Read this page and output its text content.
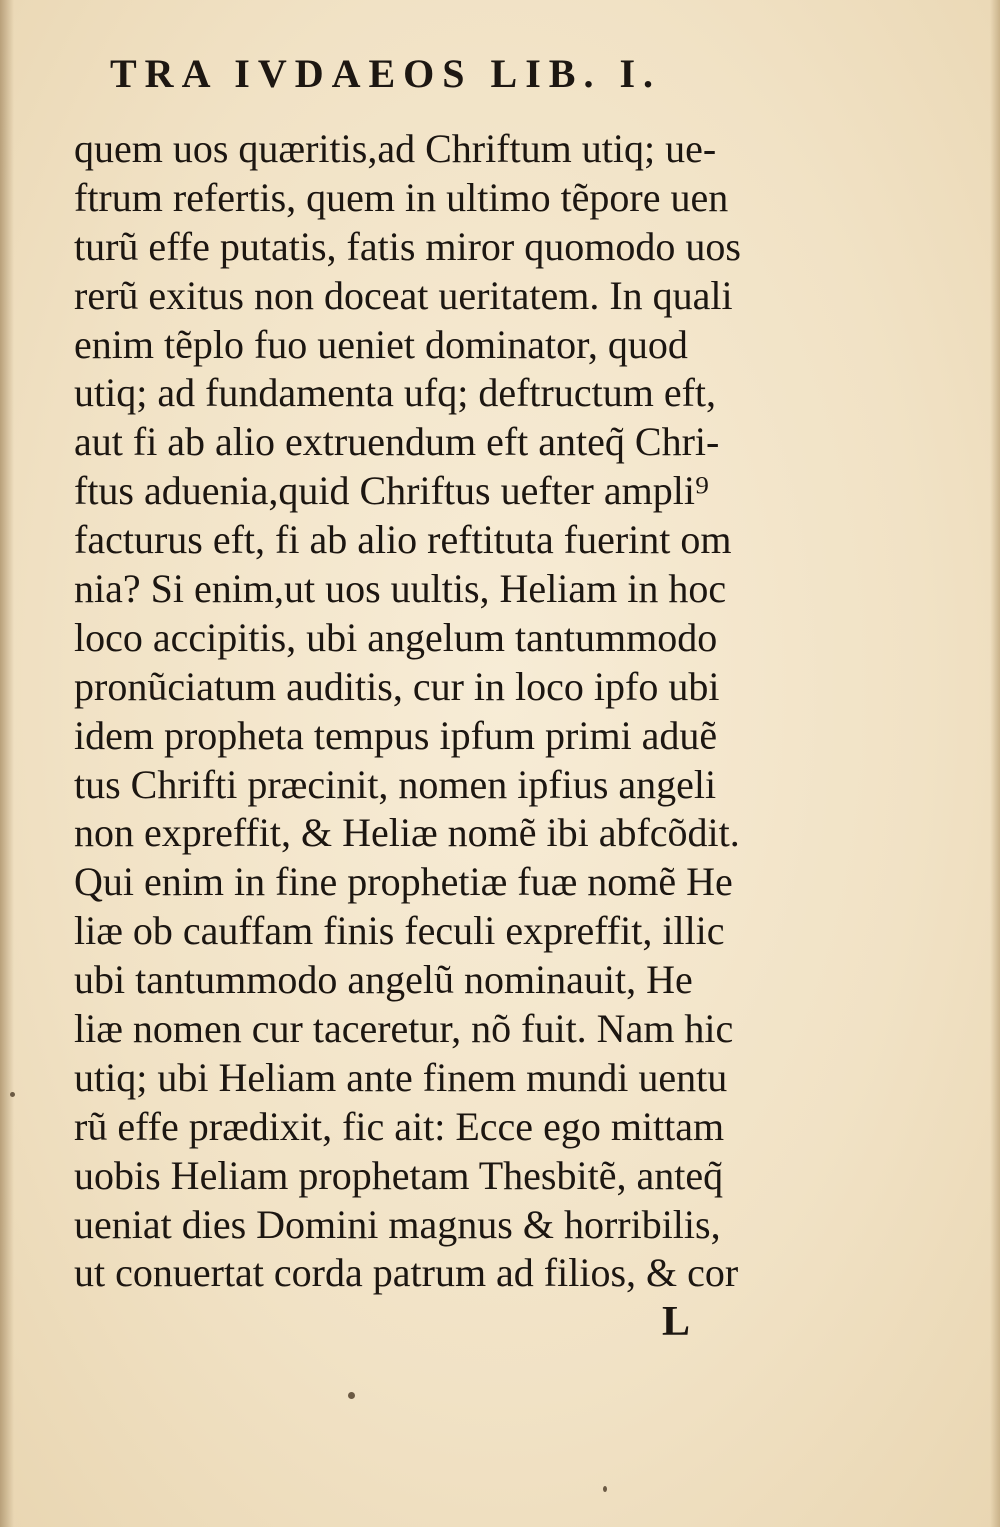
TRA IVDAEOS LIB. I.
quem uos quæritis,ad Chriftum utiq; ue-
ftrum refertis, quem in ultimo tẽpore uen
turũ effe putatis, fatis miror quomodo uos
rerũ exitus non doceat ueritatem. In quali
enim tẽplo fuo ueniet dominator, quod
utiq; ad fundamenta ufq; deftructum eft,
aut fi ab alio extruendum eft anteq̃ Chri-
ftus aduenia,quid Chriftus uefter ampli⁹
facturus eft, fi ab alio reftituta fuerint om
nia? Si enim,ut uos uultis, Heliam in hoc
loco accipitis, ubi angelum tantummodo
pronũciatum auditis, cur in loco ipfo ubi
idem propheta tempus ipfum primi aduẽ
tus Chrifti præcinit, nomen ipfius angeli
non expreffit, & Heliæ nomẽ ibi abfcõdit.
Qui enim in fine prophetiæ fuæ nomẽ He
liæ ob cauffam finis feculi expreffit, illic
ubi tantummodo angelũ nominauit, He
liæ nomen cur taceretur, nõ fuit. Nam hic
utiq; ubi Heliam ante finem mundi uentu
rũ effe prædixit, fic ait: Ecce ego mittam
uobis Heliam prophetam Thesbitẽ, anteq̃
ueniat dies Domini magnus & horribilis,
ut conuertat corda patrum ad filios, & cor
L
